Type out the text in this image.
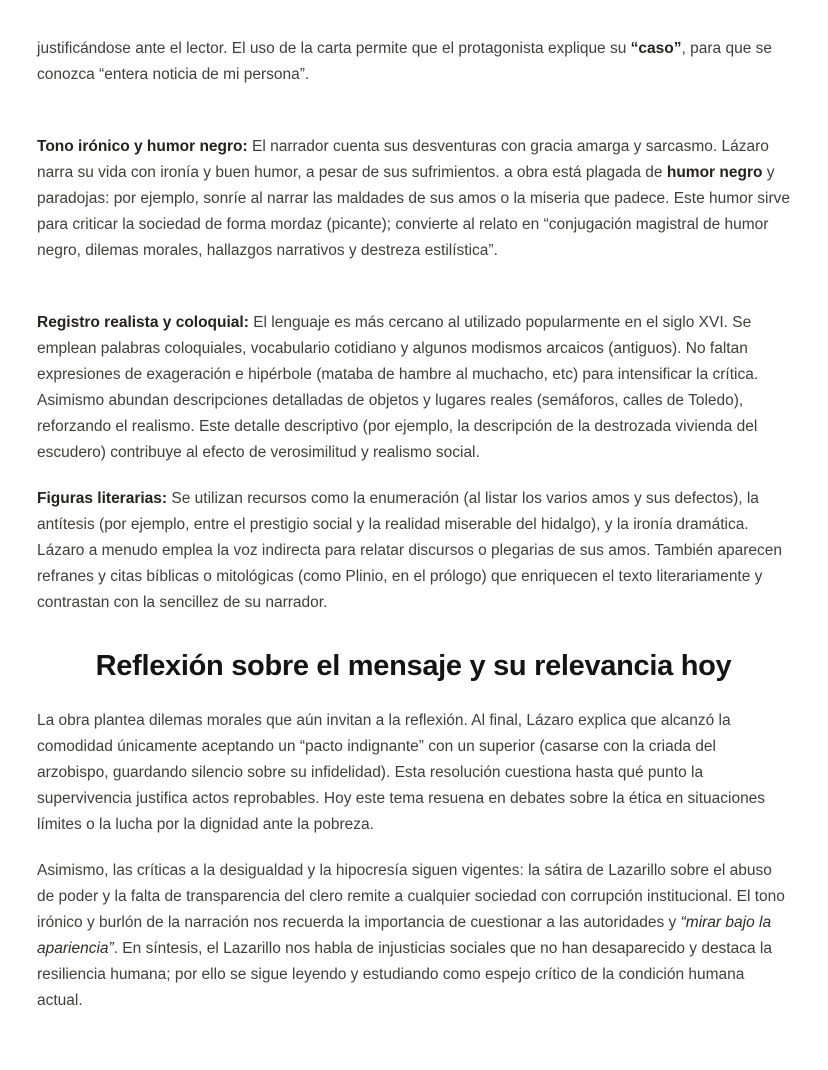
justificándose ante el lector. El uso de la carta permite que el protagonista explique su “caso”, para que se conozca “entera noticia de mi persona”.

Tono irónico y humor negro: El narrador cuenta sus desventuras con gracia amarga y sarcasmo. Lázaro narra su vida con ironía y buen humor, a pesar de sus sufrimientos. a obra está plagada de humor negro y paradojas: por ejemplo, sonríe al narrar las maldades de sus amos o la miseria que padece. Este humor sirve para criticar la sociedad de forma mordaz (picante); convierte al relato en “conjugación magistral de humor negro, dilemas morales, hallazgos narrativos y destreza estilística”.

Registro realista y coloquial: El lenguaje es más cercano al utilizado popularmente en el siglo XVI. Se emplean palabras coloquiales, vocabulario cotidiano y algunos modismos arcaicos (antiguos). No faltan expresiones de exageración e hipérbole (mataba de hambre al muchacho, etc) para intensificar la crítica. Asimismo abundan descripciones detalladas de objetos y lugares reales (semáforos, calles de Toledo), reforzando el realismo. Este detalle descriptivo (por ejemplo, la descripción de la destrozada vivienda del escudero) contribuye al efecto de verosimilitud y realismo social.

Figuras literarias: Se utilizan recursos como la enumeración (al listar los varios amos y sus defectos), la antítesis (por ejemplo, entre el prestigio social y la realidad miserable del hidalgo), y la ironía dramática. Lázaro a menudo emplea la voz indirecta para relatar discursos o plegarias de sus amos. También aparecen refranes y citas bíblicas o mitológicas (como Plinio, en el prólogo) que enriquecen el texto literariamente y contrastan con la sencillez de su narrador.

Reflexión sobre el mensaje y su relevancia hoy

La obra plantea dilemas morales que aún invitan a la reflexión. Al final, Lázaro explica que alcanzó la comodidad únicamente aceptando un “pacto indignante” con un superior (casarse con la criada del arzobispo, guardando silencio sobre su infidelidad). Esta resolución cuestiona hasta qué punto la supervivencia justifica actos reprobables. Hoy este tema resuena en debates sobre la ética en situaciones límites o la lucha por la dignidad ante la pobreza.

Asimismo, las críticas a la desigualdad y la hipocresía siguen vigentes: la sátira de Lazarillo sobre el abuso de poder y la falta de transparencia del clero remite a cualquier sociedad con corrupción institucional. El tono irónico y burlón de la narración nos recuerda la importancia de cuestionar a las autoridades y “mirar bajo la apariencia”. En síntesis, el Lazarillo nos habla de injusticias sociales que no han desaparecido y destaca la resiliencia humana; por ello se sigue leyendo y estudiando como espejo crítico de la condición humana actual.
